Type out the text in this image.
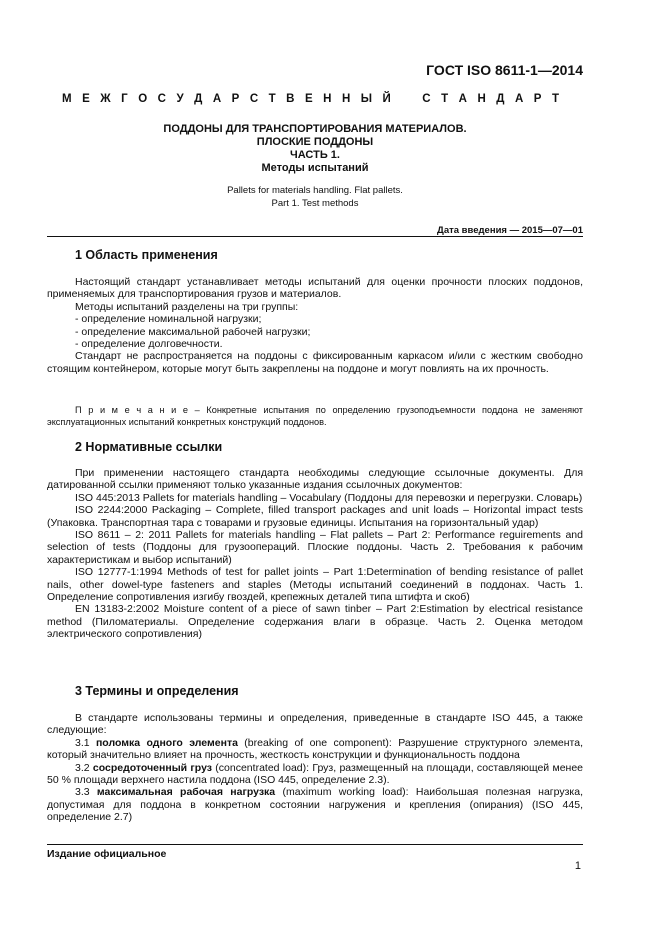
ГОСТ ISO 8611-1—2014
М Е Ж Г О С У Д А Р С Т В Е Н Н Ы Й	С Т А Н Д А Р Т
ПОДДОНЫ ДЛЯ ТРАНСПОРТИРОВАНИЯ МАТЕРИАЛОВ.
ПЛОСКИЕ ПОДДОНЫ
ЧАСТЬ 1.
Методы испытаний
Pallets for materials handling. Flat pallets.
Part 1. Test methods
Дата введения — 2015—07—01
1 Область применения

Настоящий стандарт устанавливает методы испытаний для оценки прочности плоских поддонов, применяемых для транспортирования грузов и материалов.

Методы испытаний разделены на три группы:

- определение номинальной нагрузки;

- определение максимальной рабочей нагрузки;

- определение долговечности.

Стандарт не распространяется на поддоны с фиксированным каркасом и/или с жестким свободно стоящим контейнером, которые могут быть закреплены на поддоне и могут повлиять на их прочность.

П р и м е ч а н и е – Конкретные испытания по определению грузоподъемности поддона не заменяют эксплуатационных испытаний конкретных конструкций поддонов.

2 Нормативные ссылки

При применении настоящего стандарта необходимы следующие ссылочные документы. Для датированной ссылки применяют только указанные издания ссылочных документов:

ISO 445:2013 Pallets for materials handling – Vocabulary (Поддоны для перевозки и перегрузки. Словарь)

ISO 2244:2000 Packaging – Complete, filled transport packages and unit loads – Horizontal impact tests (Упаковка. Транспортная тара с товарами и грузовые единицы. Испытания на горизонтальный удар)

ISO 8611 – 2: 2011 Pallets for materials handling – Flat pallets – Part 2: Performance reguirements and selection of tests (Поддоны для грузоопераций. Плоские поддоны. Часть 2. Требования к рабочим характеристикам и выбор испытаний)

ISO 12777-1:1994 Methods of test for pallet joints – Part 1:Determination of bending resistance of pallet nails, other dowel-type fasteners and staples (Методы испытаний соединений в поддонах. Часть 1. Определение сопротивления изгибу гвоздей, крепежных деталей типа штифта и скоб)

EN 13183-2:2002 Moisture content of a piece of sawn tinber – Part 2:Estimation by electrical resistance method (Пиломатериалы. Определение содержания влаги в образце. Часть 2. Оценка методом электрического сопротивления)

3 Термины и определения

В стандарте использованы термины и определения, приведенные в стандарте ISO 445, а также следующие:

3.1 поломка одного элемента (breaking of one component): Разрушение структурного элемента, который значительно влияет на прочность, жесткость конструкции и функциональность поддона

3.2 сосредоточенный груз (concentrated load): Груз, размещенный на площади, составляющей менее 50 % площади верхнего настила поддона (ISO 445, определение 2.3).

3.3 максимальная рабочая нагрузка (maximum working load): Наибольшая полезная нагрузка, допустимая для поддона в конкретном состоянии нагружения и крепления (опирания) (ISO 445, определение 2.7)

Издание официальное
1
